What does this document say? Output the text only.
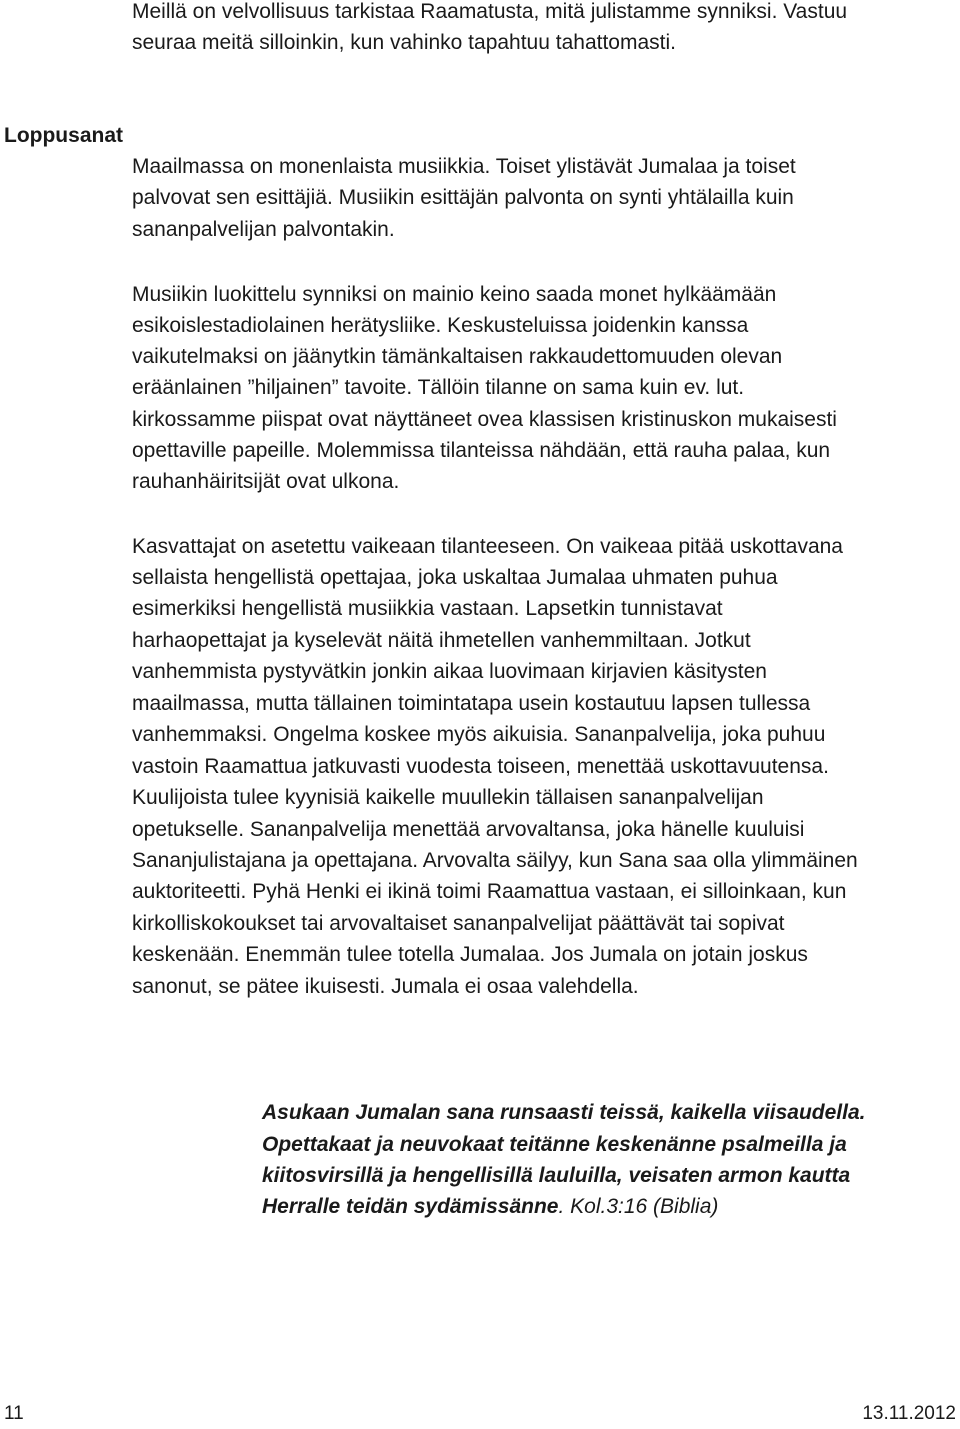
Meillä on velvollisuus tarkistaa Raamatusta, mitä julistamme synniksi. Vastuu
seuraa meitä silloinkin, kun vahinko tapahtuu tahattomasti.
Loppusanat
Maailmassa on monenlaista musiikkia. Toiset ylistävät Jumalaa ja toiset
palvovat sen esittäjiä. Musiikin esittäjän palvonta on synti yhtälailla kuin
sananpalvelijan palvontakin.
Musiikin luokittelu synniksi on mainio keino saada monet hylkäämään
esikoislestadiolainen herätysliike. Keskusteluissa joidenkin kanssa
vaikutelmaksi on jäänytkin tämänkaltaisen rakkaudettomuuden olevan
eräänlainen ”hiljainen” tavoite. Tällöin tilanne on sama kuin ev. lut.
kirkossamme piispat ovat näyttäneet ovea klassisen kristinuskon mukaisesti
opettaville papeille. Molemmissa tilanteissa nähdään, että rauha palaa, kun
rauhanhäiritsijät ovat ulkona.
Kasvattajat on asetettu vaikeaan tilanteeseen. On vaikeaa pitää uskottavana
sellaista hengellistä opettajaa, joka uskaltaa Jumalaa uhmaten puhua
esimerkiksi hengellistä musiikkia vastaan. Lapsetkin tunnistavat
harhaopettajat ja kyselevät näitä ihmetellen vanhemmiltaan. Jotkut
vanhemmista pystyvätkin jonkin aikaa luovimaan kirjavien käsitysten
maailmassa, mutta tällainen toimintatapa usein kostautuu lapsen tullessa
vanhemmaksi. Ongelma koskee myös aikuisia. Sananpalvelija, joka puhuu
vastoin Raamattua jatkuvasti vuodesta toiseen, menettää uskottavuutensa.
Kuulijoista tulee kyynisiä kaikelle muullekin tällaisen sananpalvelijan
opetukselle. Sananpalvelija menettää arvovaltansa, joka hänelle kuuluisi
Sananjulistajana ja opettajana. Arvovalta säilyy, kun Sana saa olla ylimmäinen
auktoriteetti. Pyhä Henki ei ikinä toimi Raamattua vastaan, ei silloinkaan, kun
kirkolliskokoukset tai arvovaltaiset sananpalvelijat päättävät tai sopivat
keskenään. Enemmän tulee totella Jumalaa. Jos Jumala on jotain joskus
sanonut, se pätee ikuisesti. Jumala ei osaa valehdella.
Asukaan Jumalan sana runsaasti teissä, kaikella viisaudella.
Opettakaat ja neuvokaat teitänne keskenänne psalmeilla ja
kiitosvirsillä ja hengellisillä lauluilla, veisaten armon kautta
Herralle teidän sydämissänne. Kol.3:16 (Biblia)
11	13.11.2012
